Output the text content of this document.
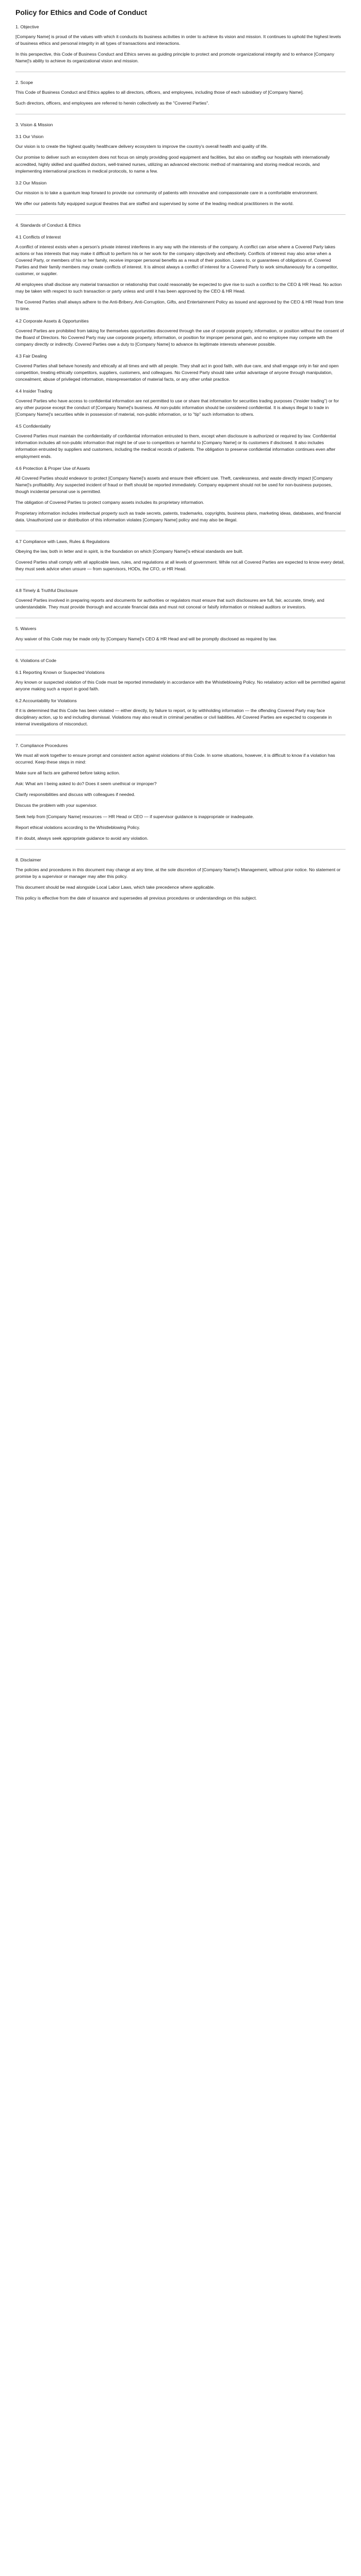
Policy for Ethics and Code of Conduct

1. Objective

[Company Name] is proud of the values with which it conducts its business activities in order to achieve its vision and mission. It continues to uphold the highest levels of business ethics and personal integrity in all types of transactions and interactions.

In this perspective, this Code of Business Conduct and Ethics serves as guiding principle to protect and promote organizational integrity and to enhance [Company Name]'s ability to achieve its organizational vision and mission.

2. Scope

This Code of Business Conduct and Ethics applies to all directors, officers, and employees, including those of each subsidiary of [Company Name].

Such directors, officers, and employees are referred to herein collectively as the "Covered Parties".

3. Vision & Mission

3.1 Our Vision

Our vision is to create the highest quality healthcare delivery ecosystem to improve the country's overall health and quality of life.

Our promise to deliver such an ecosystem does not focus on simply providing good equipment and facilities, but also on staffing our hospitals with internationally accredited, highly skilled and qualified doctors, well-trained nurses, utilizing an advanced electronic method of maintaining and storing medical records, and implementing international practices in medical protocols, to name a few.

3.2 Our Mission

Our mission is to take a quantum leap forward to provide our community of patients with innovative and compassionate care in a comfortable environment.

We offer our patients fully equipped surgical theatres that are staffed and supervised by some of the leading medical practitioners in the world.

4. Standards of Conduct & Ethics

4.1 Conflicts of Interest

A conflict of interest exists when a person's private interest interferes in any way with the interests of the company. A conflict can arise where a Covered Party takes actions or has interests that may make it difficult to perform his or her work for the company objectively and effectively. Conflicts of interest may also arise when a Covered Party, or members of his or her family, receive improper personal benefits as a result of their position. Loans to, or guarantees of obligations of, Covered Parties and their family members may create conflicts of interest. It is almost always a conflict of interest for a Covered Party to work simultaneously for a competitor, customer, or supplier.

All employees shall disclose any material transaction or relationship that could reasonably be expected to give rise to such a conflict to the CEO & HR Head. No action may be taken with respect to such transaction or party unless and until it has been approved by the CEO & HR Head.

The Covered Parties shall always adhere to the Anti-Bribery, Anti-Corruption, Gifts, and Entertainment Policy as issued and approved by the CEO & HR Head from time to time.

4.2 Corporate Assets & Opportunities

Covered Parties are prohibited from taking for themselves opportunities discovered through the use of corporate property, information, or position without the consent of the Board of Directors. No Covered Party may use corporate property, information, or position for improper personal gain, and no employee may compete with the company directly or indirectly. Covered Parties owe a duty to [Company Name] to advance its legitimate interests whenever possible.

4.3 Fair Dealing

Covered Parties shall behave honestly and ethically at all times and with all people. They shall act in good faith, with due care, and shall engage only in fair and open competition, treating ethically competitors, suppliers, customers, and colleagues. No Covered Party should take unfair advantage of anyone through manipulation, concealment, abuse of privileged information, misrepresentation of material facts, or any other unfair practice.

4.4 Insider Trading

Covered Parties who have access to confidential information are not permitted to use or share that information for securities trading purposes ("insider trading") or for any other purpose except the conduct of [Company Name]'s business. All non-public information should be considered confidential. It is always illegal to trade in [Company Name]'s securities while in possession of material, non-public information, or to "tip" such information to others.

4.5 Confidentiality

Covered Parties must maintain the confidentiality of confidential information entrusted to them, except when disclosure is authorized or required by law. Confidential information includes all non-public information that might be of use to competitors or harmful to [Company Name] or its customers if disclosed. It also includes information entrusted by suppliers and customers, including the medical records of patients. The obligation to preserve confidential information continues even after employment ends.

4.6 Protection & Proper Use of Assets

All Covered Parties should endeavor to protect [Company Name]'s assets and ensure their efficient use. Theft, carelessness, and waste directly impact [Company Name]'s profitability. Any suspected incident of fraud or theft should be reported immediately. Company equipment should not be used for non-business purposes, though incidental personal use is permitted.

The obligation of Covered Parties to protect company assets includes its proprietary information.

Proprietary information includes intellectual property such as trade secrets, patents, trademarks, copyrights, business plans, marketing ideas, databases, and financial data. Unauthorized use or distribution of this information violates [Company Name] policy and may also be illegal.

4.7 Compliance with Laws, Rules & Regulations

Obeying the law, both in letter and in spirit, is the foundation on which [Company Name]'s ethical standards are built.

Covered Parties shall comply with all applicable laws, rules, and regulations at all levels of government. While not all Covered Parties are expected to know every detail, they must seek advice when unsure — from supervisors, HODs, the CFO, or HR Head.

4.8 Timely & Truthful Disclosure

Covered Parties involved in preparing reports and documents for authorities or regulators must ensure that such disclosures are full, fair, accurate, timely, and understandable. They must provide thorough and accurate financial data and must not conceal or falsify information or mislead auditors or investors.

5. Waivers

Any waiver of this Code may be made only by [Company Name]'s CEO & HR Head and will be promptly disclosed as required by law.

6. Violations of Code

6.1 Reporting Known or Suspected Violations

Any known or suspected violation of this Code must be reported immediately in accordance with the Whistleblowing Policy. No retaliatory action will be permitted against anyone making such a report in good faith.

6.2 Accountability for Violations

If it is determined that this Code has been violated — either directly, by failure to report, or by withholding information — the offending Covered Party may face disciplinary action, up to and including dismissal. Violations may also result in criminal penalties or civil liabilities. All Covered Parties are expected to cooperate in internal investigations of misconduct.

7. Compliance Procedures

We must all work together to ensure prompt and consistent action against violations of this Code. In some situations, however, it is difficult to know if a violation has occurred. Keep these steps in mind:

Make sure all facts are gathered before taking action.

Ask: What am I being asked to do? Does it seem unethical or improper?

Clarify responsibilities and discuss with colleagues if needed.

Discuss the problem with your supervisor.

Seek help from [Company Name] resources — HR Head or CEO — if supervisor guidance is inappropriate or inadequate.

Report ethical violations according to the Whistleblowing Policy.

If in doubt, always seek appropriate guidance to avoid any violation.

8. Disclaimer

The policies and procedures in this document may change at any time, at the sole discretion of [Company Name]'s Management, without prior notice. No statement or promise by a supervisor or manager may alter this policy.

This document should be read alongside Local Labor Laws, which take precedence where applicable.

This policy is effective from the date of issuance and supersedes all previous procedures or understandings on this subject.
